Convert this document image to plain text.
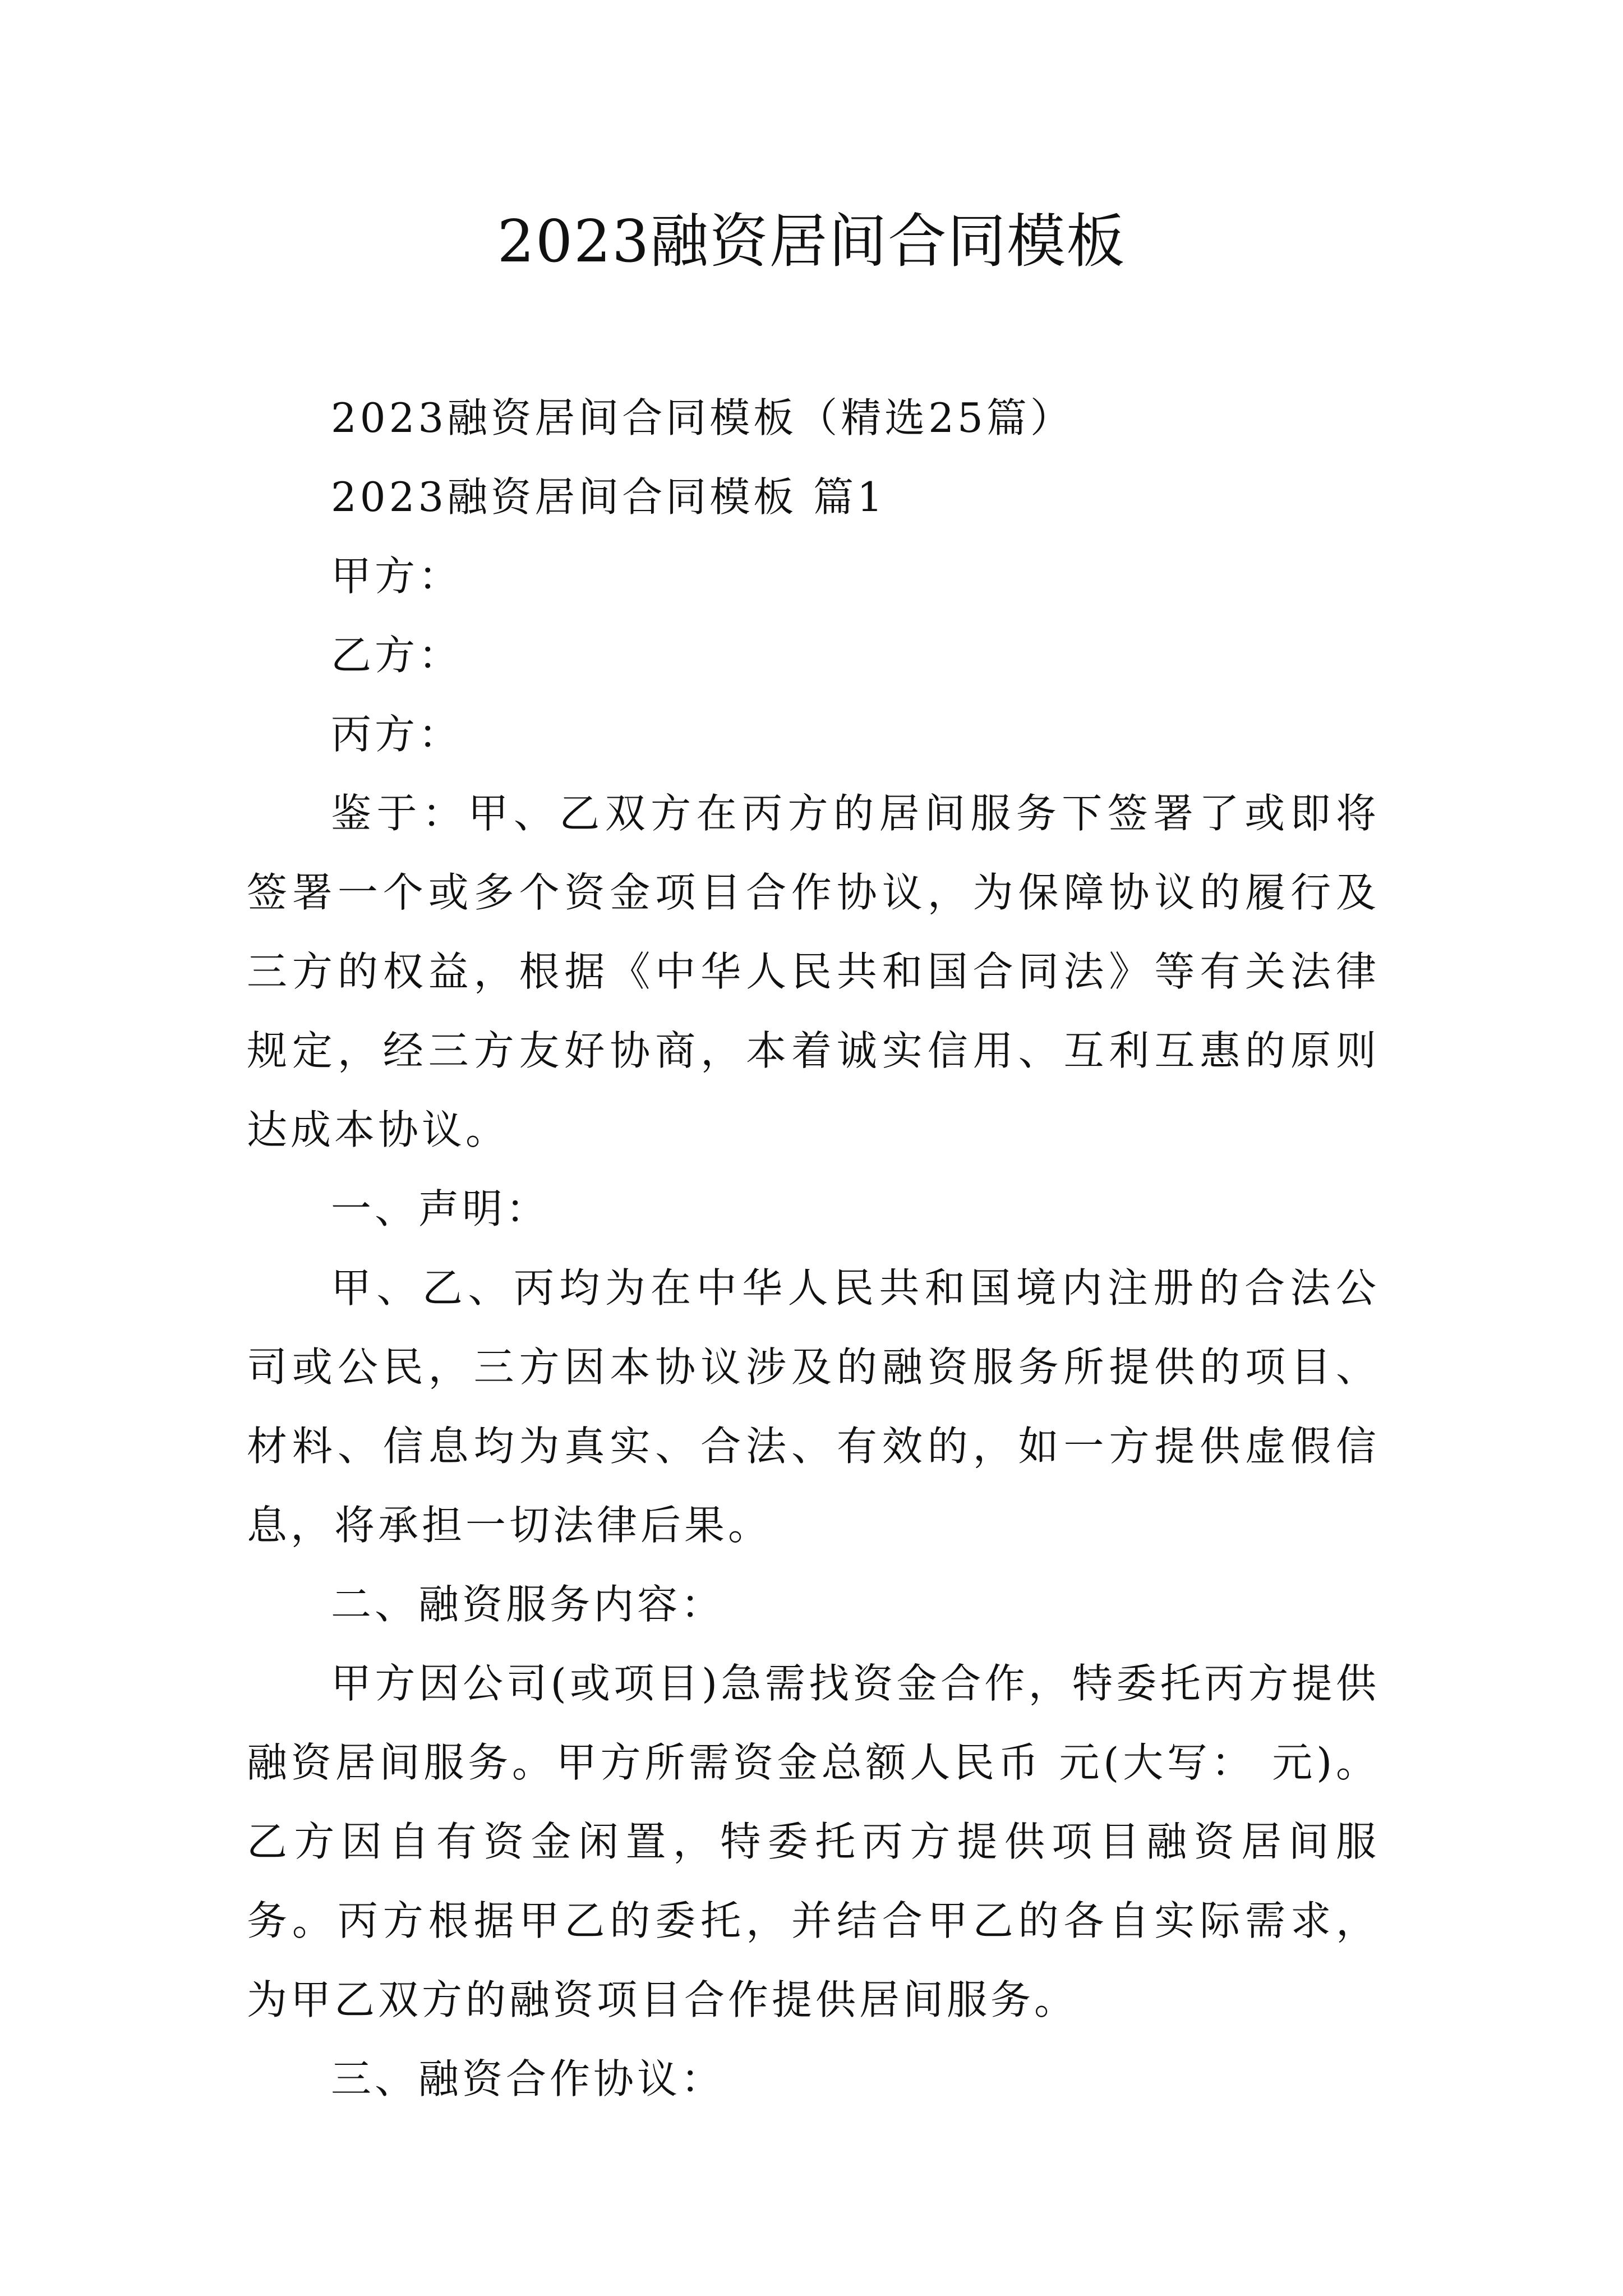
2023融资居间合同模板

2023融资居间合同模板（精选25篇）

2023融资居间合同模板 篇1

甲方：

乙方：

丙方：

鉴于：甲、乙双方在丙方的居间服务下签署了或即将签署一个或多个资金项目合作协议，为保障协议的履行及三方的权益，根据《中华人民共和国合同法》等有关法律规定，经三方友好协商，本着诚实信用、互利互惠的原则达成本协议。

一、声明：

甲、乙、丙均为在中华人民共和国境内注册的合法公司或公民，三方因本协议涉及的融资服务所提供的项目、材料、信息均为真实、合法、有效的，如一方提供虚假信息，将承担一切法律后果。

二、融资服务内容：

甲方因公司(或项目)急需找资金合作，特委托丙方提供融资居间服务。甲方所需资金总额人民币 元(大写： 元)。乙方因自有资金闲置，特委托丙方提供项目融资居间服务。丙方根据甲乙的委托，并结合甲乙的各自实际需求，为甲乙双方的融资项目合作提供居间服务。

三、融资合作协议：
